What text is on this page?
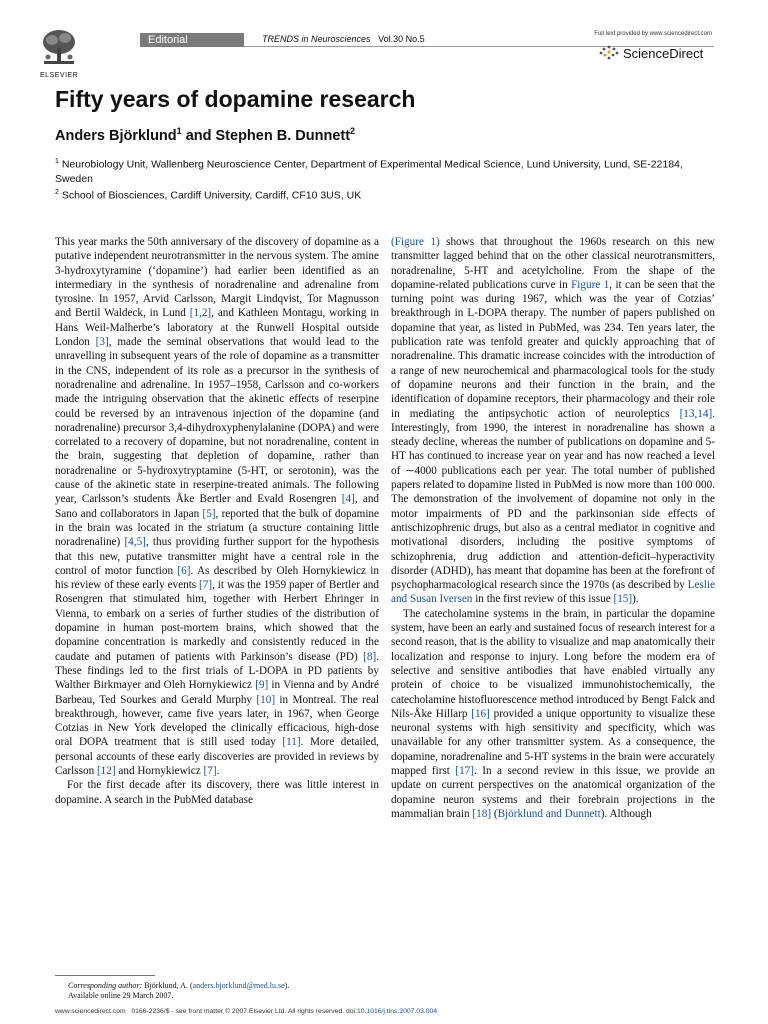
ELSEVIER
Editorial	TRENDS in Neurosciences Vol.30 No.5	Full text provided by www.sciencedirect.com
ScienceDirect
Fifty years of dopamine research
Anders Björklund$^1$ and Stephen B. Dunnett$^2$

$^1$ Neurobiology Unit, Wallenberg Neuroscience Center, Department of Experimental Medical Science, Lund University, Lund, SE-22184, Sweden

$^2$ School of Biosciences, Cardiff University, Cardiff, CF10 3US, UK

This year marks the 50th anniversary of the discovery of dopamine as a putative independent neurotransmitter in the nervous system. The amine 3-hydroxytyramine (‘dopamine’) had earlier been identified as an intermediary in the synthesis of noradrenaline and adrenaline from tyrosine. In 1957, Arvid Carlsson, Margit Lindqvist, Tor Magnusson and Bertil Waldeck, in Lund [1,2], and Kathleen Montagu, working in Hans Weil-Malherbe’s laboratory at the Runwell Hospital outside London [3], made the seminal observations that would lead to the unravelling in subsequent years of the role of dopamine as a transmitter in the CNS, independent of its role as a precursor in the synthesis of noradrenaline and adrenaline. In 1957–1958, Carlsson and co-workers made the intriguing observation that the akinetic effects of reserpine could be reversed by an intravenous injection of the dopamine (and noradrenaline) precursor 3,4-dihydroxyphenylalanine (DOPA) and were correlated to a recovery of dopamine, but not noradrenaline, content in the brain, suggesting that depletion of dopamine, rather than noradrenaline or 5-hydroxytryptamine (5-HT, or serotonin), was the cause of the akinetic state in reserpine-treated animals. The following year, Carlsson’s students Åke Bertler and Evald Rosengren [4], and Sano and collaborators in Japan [5], reported that the bulk of dopamine in the brain was located in the striatum (a structure containing little noradrenaline) [4,5], thus providing further support for the hypothesis that this new, putative transmitter might have a central role in the control of motor function [6]. As described by Oleh Hornykiewicz in his review of these early events [7], it was the 1959 paper of Bertler and Rosengren that stimulated him, together with Herbert Ehringer in Vienna, to embark on a series of further studies of the distribution of dopamine in human post-mortem brains, which showed that the dopamine concentration is markedly and consistently reduced in the caudate and putamen of patients with Parkinson’s disease (PD) [8]. These findings led to the first trials of L-DOPA in PD patients by Walther Birkmayer and Oleh Hornykiewicz [9] in Vienna and by André Barbeau, Ted Sourkes and Gerald Murphy [10] in Montreal. The real breakthrough, however, came five years later, in 1967, when George Cotzias in New York developed the clinically efficacious, high-dose oral DOPA treatment that is still used today [11]. More detailed, personal accounts of these early discoveries are provided in reviews by Carlsson [12] and Hornykiewicz [7].

For the first decade after its discovery, there was little interest in dopamine. A search in the PubMed database

(Figure 1) shows that throughout the 1960s research on this new transmitter lagged behind that on the other classical neurotransmitters, noradrenaline, 5-HT and acetylcholine. From the shape of the dopamine-related publications curve in Figure 1, it can be seen that the turning point was during 1967, which was the year of Cotzias’ breakthrough in L-DOPA therapy. The number of papers published on dopamine that year, as listed in PubMed, was 234. Ten years later, the publication rate was tenfold greater and quickly approaching that of noradrenaline. This dramatic increase coincides with the introduction of a range of new neurochemical and pharmacological tools for the study of dopamine neurons and their function in the brain, and the identification of dopamine receptors, their pharmacology and their role in mediating the antipsychotic action of neuroleptics [13,14]. Interestingly, from 1990, the interest in noradrenaline has shown a steady decline, whereas the number of publications on dopamine and 5-HT has continued to increase year on year and has now reached a level of ∼4000 publications each per year. The total number of published papers related to dopamine listed in PubMed is now more than 100 000. The demonstration of the involvement of dopamine not only in the motor impairments of PD and the parkinsonian side effects of antischizophrenic drugs, but also as a central mediator in cognitive and motivational disorders, including the positive symptoms of schizophrenia, drug addiction and attention-deficit–hyperactivity disorder (ADHD), has meant that dopamine has been at the forefront of psychopharmacological research since the 1970s (as described by Leslie and Susan Iversen in the first review of this issue [15]).

The catecholamine systems in the brain, in particular the dopamine system, have been an early and sustained focus of research interest for a second reason, that is the ability to visualize and map anatomically their localization and response to injury. Long before the modern era of selective and sensitive antibodies that have enabled virtually any protein of choice to be visualized immunohistochemically, the catecholamine histofluorescence method introduced by Bengt Falck and Nils-Åke Hillarp [16] provided a unique opportunity to visualize these neuronal systems with high sensitivity and specificity, which was unavailable for any other transmitter system. As a consequence, the dopamine, noradrenaline and 5-HT systems in the brain were accurately mapped first [17]. In a second review in this issue, we provide an update on current perspectives on the anatomical organization of the dopamine neuron systems and their forebrain projections in the mammalian brain [18] (Björklund and Dunnett). Although

Corresponding author: Björklund, A. (anders.bjorklund@med.lu.se).

Available online 29 March 2007.

www.sciencedirect.com 0166-2236/$ - see front matter © 2007 Elsevier Ltd. All rights reserved. doi:10.1016/j.tins.2007.03.004
